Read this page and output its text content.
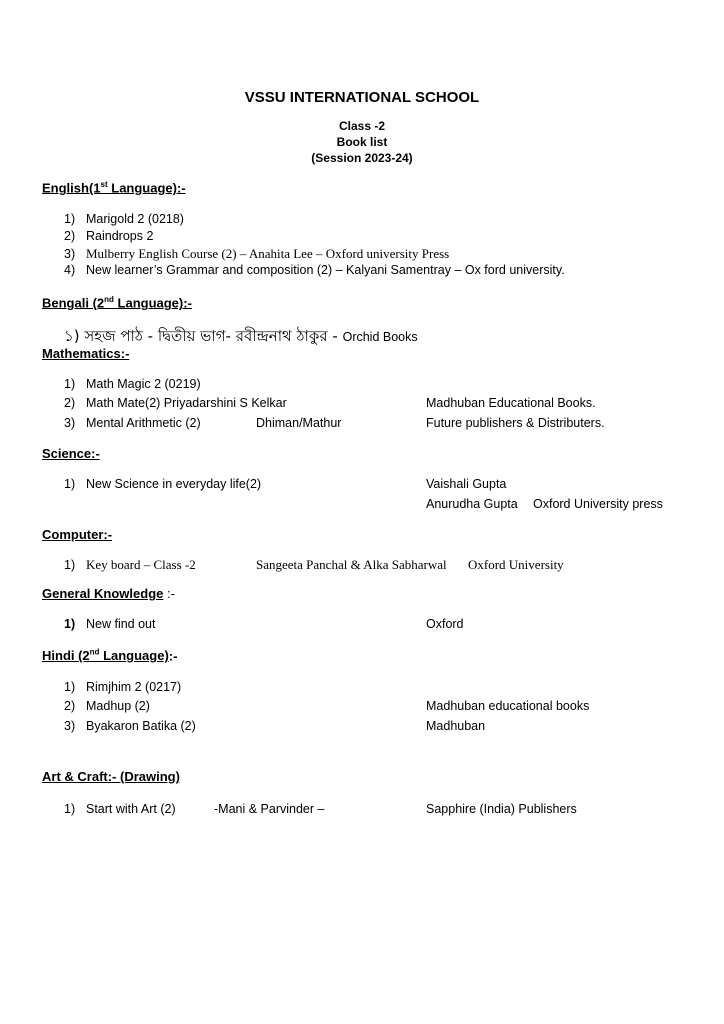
VSSU INTERNATIONAL SCHOOL
Class -2
Book list
(Session 2023-24)
English(1st Language):-
1) Marigold 2 (0218)
2) Raindrops 2
3) Mulberry English Course (2) – Anahita Lee – Oxford university Press
4) New learner’s Grammar and composition (2) – Kalyani Samentray – Ox ford university.
Bengali (2nd Language):-
১) সহজ পাঠ - দ্বিতীয় ভাগ- রবীন্দ্রনাথ ঠাকুর - Orchid Books
Mathematics:-
1) Math Magic 2 (0219)
2) Math Mate(2) Priyadarshini S Kelkar	Madhuban Educational Books.
3) Mental Arithmetic (2)	Dhiman/Mathur	Future publishers & Distributers.
Science:-
1) New Science in everyday life(2)	Vaishali Gupta
Anurudha Gupta Oxford University press
Computer:-
1) Key board – Class -2	Sangeeta Panchal & Alka Sabharwal Oxford University
General Knowledge :-
1) New find out	Oxford
Hindi (2nd Language):-
1) Rimjhim 2 (0217)
2) Madhup (2)	Madhuban educational books
3) Byakaron Batika (2)	Madhuban
Art & Craft:- (Drawing)
1) Start with Art (2)	-Mani & Parvinder –	Sapphire (India) Publishers
